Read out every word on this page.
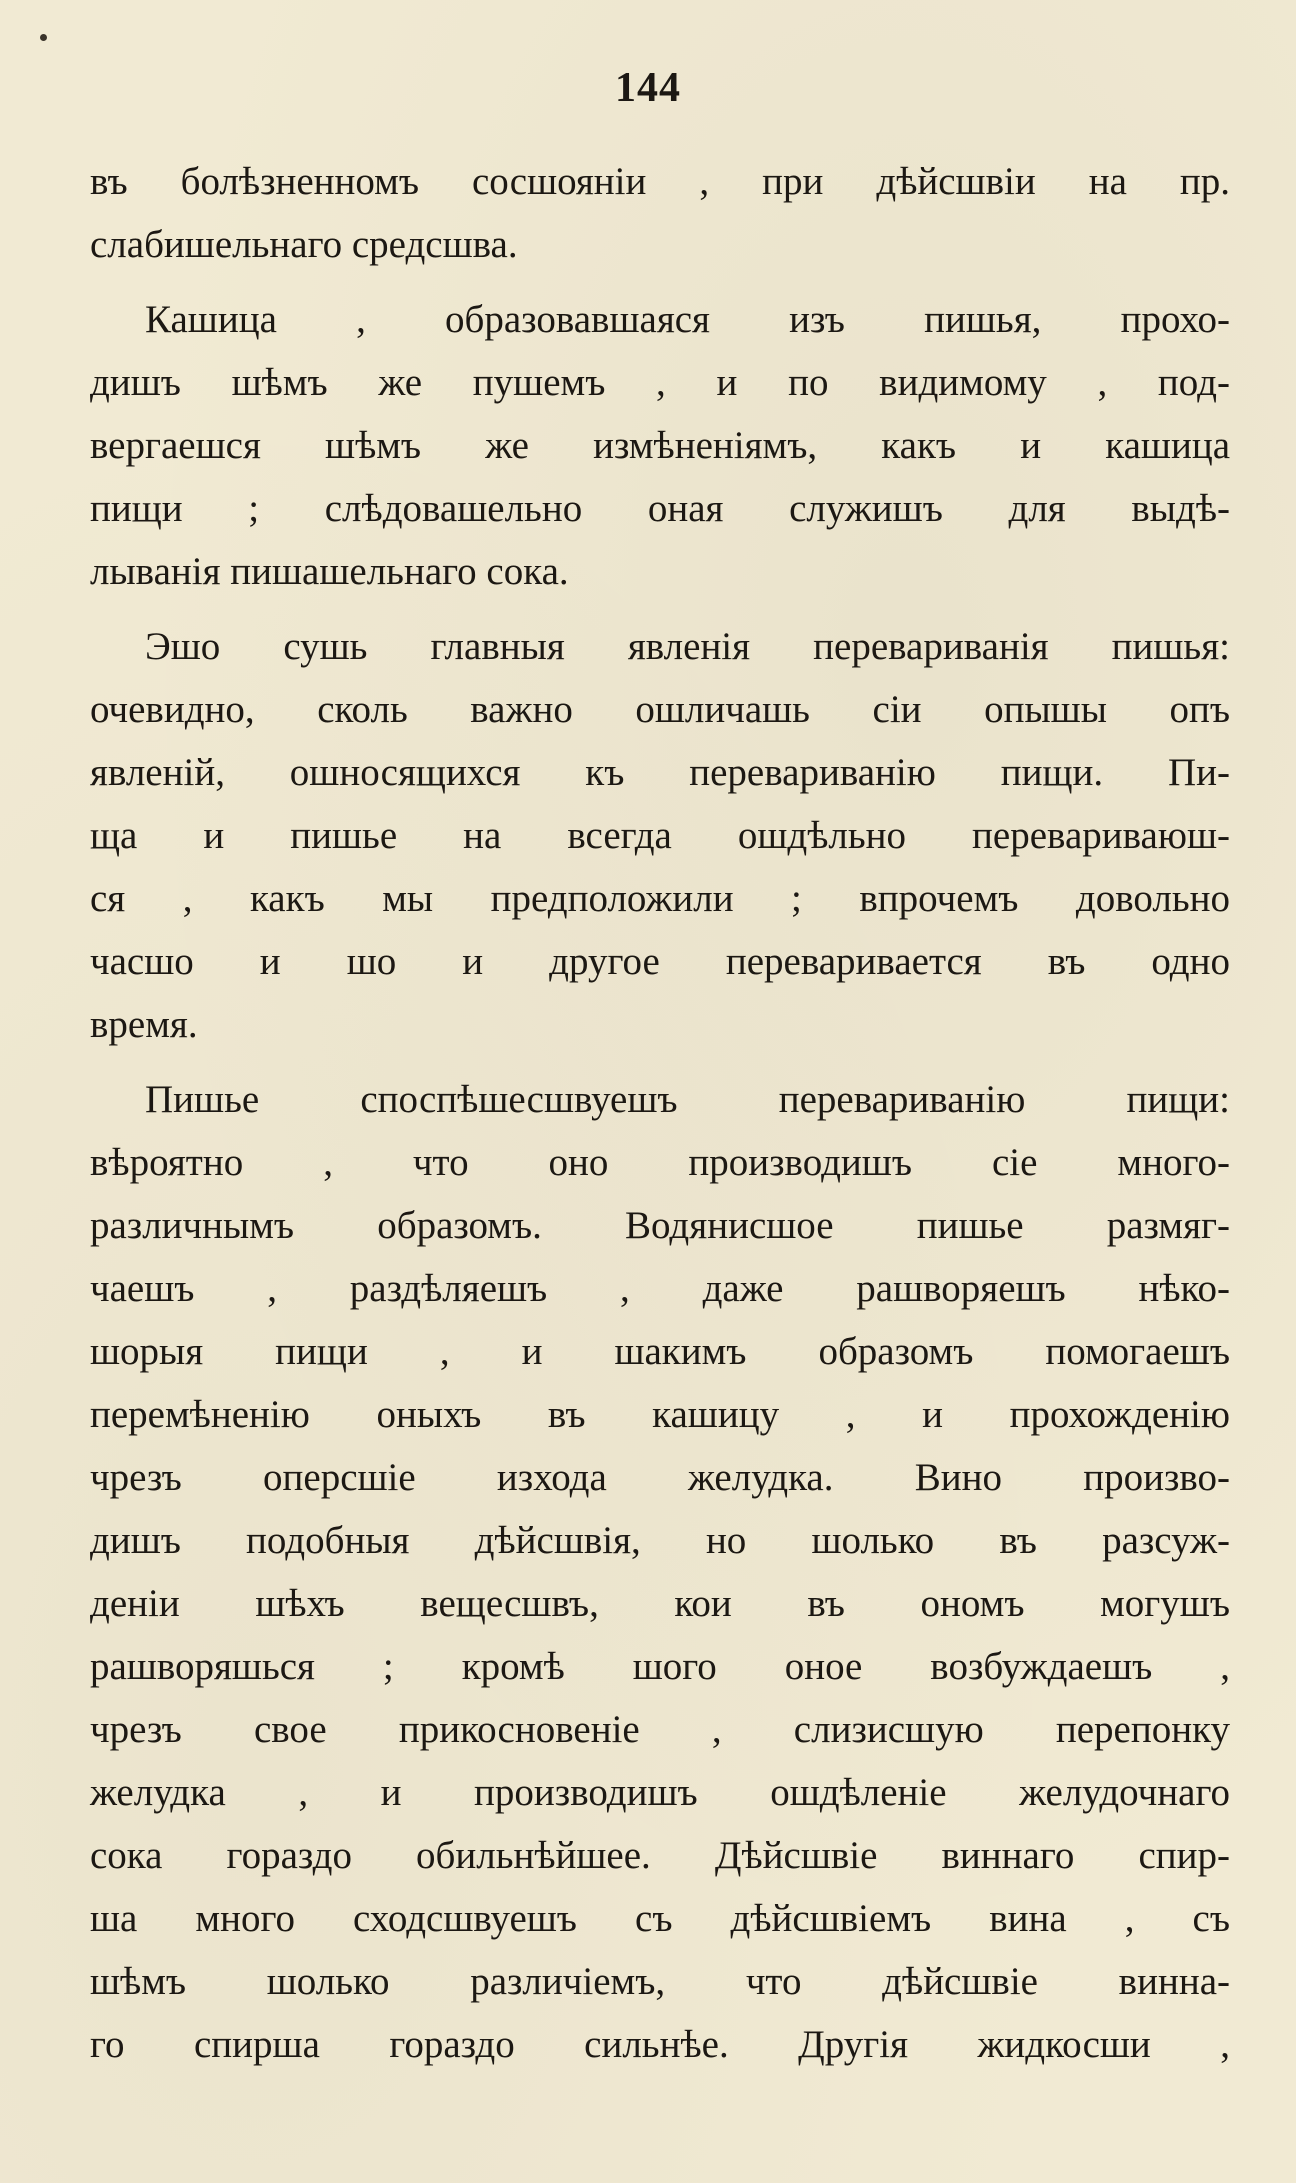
144
въ болѣзненномъ сосшояніи , при дѣйсшвіи на пр.
слабишельнаго средсшва.
Кашица , образовавшаяся изъ пишья, прохо-
дишъ шѣмъ же пушемъ , и по видимому , под-
вергаешся шѣмъ же измѣненіямъ, какъ и кашица
пищи ; слѣдовашельно оная служишъ для выдѣ-
лыванія пишашельнаго сока.
Эшо сушь главныя явленія перевариванія пишья:
очевидно, сколь важно ошличашь сіи опышы опъ
явленій, ошносящихся къ перевариванію пищи. Пи-
ща и пишье на всегда ошдѣльно перевариваюш-
ся , какъ мы предположили ; впрочемъ довольно
часшо и шо и другое переваривается въ одно
время.
Пишье споспѣшесшвуешъ перевариванію пищи:
вѣроятно , что оно производишъ сіе много-
различнымъ образомъ. Водянисшое пишье размяг-
чаешъ , раздѣляешъ , даже рашворяешъ нѣко-
шорыя пищи , и шакимъ образомъ помогаешъ
перемѣненію оныхъ въ кашицу , и прохожденію
чрезъ оперсшіе изхода желудка. Вино произво-
дишъ подобныя дѣйсшвія, но шолько въ разсуж-
деніи шѣхъ вещесшвъ, кои въ ономъ могушъ
рашворяшься ; кромѣ шого оное возбуждаешъ ,
чрезъ свое прикосновеніе , слизисшую перепонку
желудка , и производишъ ошдѣленіе желудочнаго
сока гораздо обильнѣйшее. Дѣйсшвіе виннаго спир-
ша много сходсшвуешъ съ дѣйсшвіемъ вина , съ
шѣмъ шолько различіемъ, что дѣйсшвіе винна-
го спирша гораздо сильнѣе. Другія жидкосши ,
